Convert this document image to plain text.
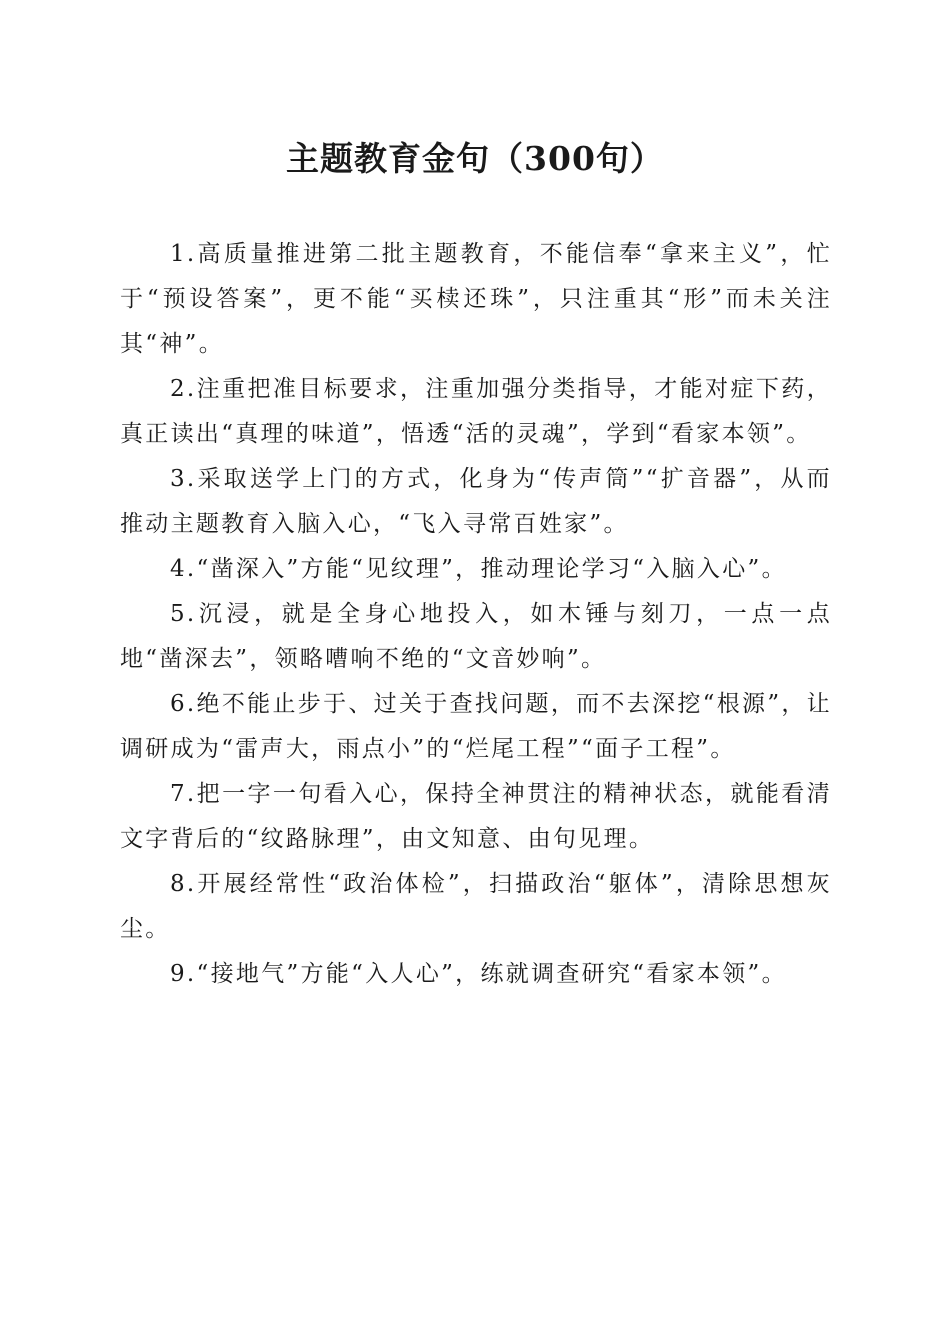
主题教育金句（300句）

1.高质量推进第二批主题教育，不能信奉“拿来主义”，忙于“预设答案”，更不能“买椟还珠”，只注重其“形”而未关注其“神”。

2.注重把准目标要求，注重加强分类指导，才能对症下药，真正读出“真理的味道”，悟透“活的灵魂”，学到“看家本领”。

3.采取送学上门的方式，化身为“传声筒”“扩音器”，从而推动主题教育入脑入心，“飞入寻常百姓家”。

4.“凿深入”方能“见纹理”，推动理论学习“入脑入心”。

5.沉浸，就是全身心地投入，如木锤与刻刀，一点一点地“凿深去”，领略嘈响不绝的“文音妙响”。

6.绝不能止步于、过关于查找问题，而不去深挖“根源”，让调研成为“雷声大，雨点小”的“烂尾工程”“面子工程”。

7.把一字一句看入心，保持全神贯注的精神状态，就能看清文字背后的“纹路脉理”，由文知意、由句见理。

8.开展经常性“政治体检”，扫描政治“躯体”，清除思想灰尘。

9.“接地气”方能“入人心”，练就调查研究“看家本领”。
